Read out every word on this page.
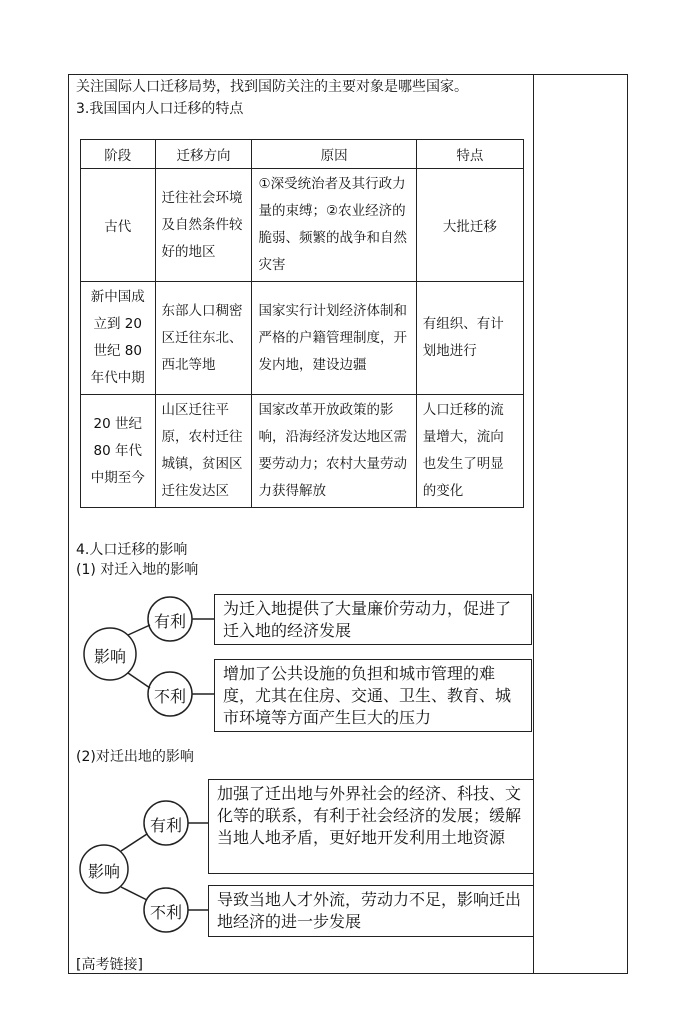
关注国际人口迁移局势，找到国防关注的主要对象是哪些国家。
3.我国国内人口迁移的特点
阶段	迁移方向	原因	特点
古代	迁往社会环境及自然条件较好的地区	①深受统治者及其行政力量的束缚；②农业经济的脆弱、频繁的战争和自然灾害	大批迁移
新中国成立到 20 世纪 80 年代中期	东部人口稠密区迁往东北、西北等地	国家实行计划经济体制和严格的户籍管理制度，开发内地，建设边疆	有组织、有计划地进行
20 世纪 80 年代中期至今	山区迁往平原，农村迁往城镇，贫困区迁往发达区	国家改革开放政策的影响，沿海经济发达地区需要劳动力；农村大量劳动力获得解放	人口迁移的流量增大，流向也发生了明显的变化
4.人口迁移的影响
(1) 对迁入地的影响
影响
有利
不利
为迁入地提供了大量廉价劳动力，促进了迁入地的经济发展
增加了公共设施的负担和城市管理的难度，尤其在住房、交通、卫生、教育、城市环境等方面产生巨大的压力
(2)对迁出地的影响
影响
有利
不利
加强了迁出地与外界社会的经济、科技、文化等的联系，有利于社会经济的发展；缓解当地人地矛盾，更好地开发利用土地资源
导致当地人才外流，劳动力不足，影响迁出地经济的进一步发展
[高考链接]
